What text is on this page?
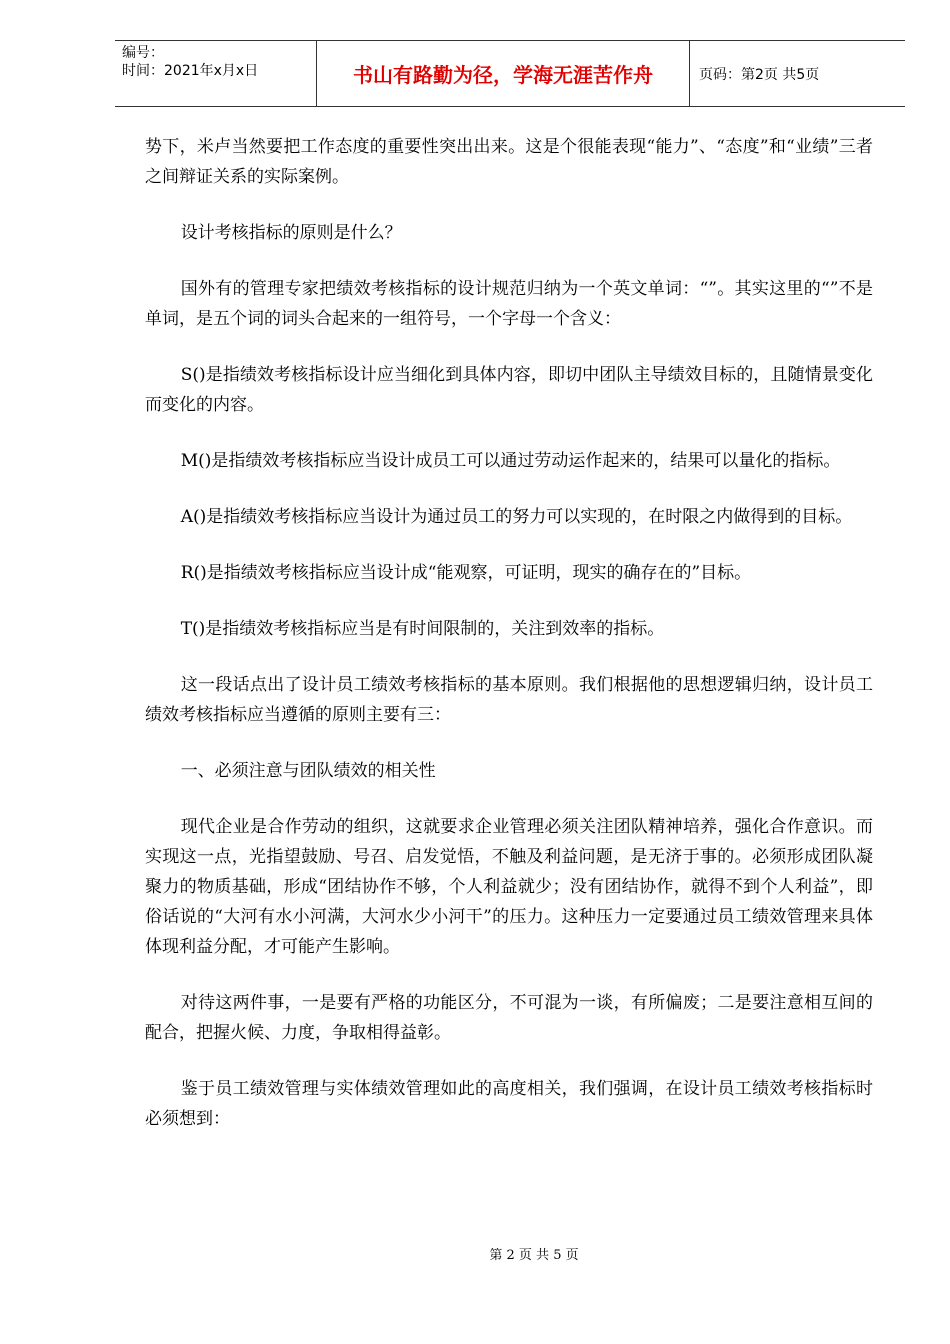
编号：
时间：2021年x月x日	书山有路勤为径，学海无涯苦作舟	页码：第2页 共5页

势下，米卢当然要把工作态度的重要性突出出来。这是个很能表现“能力”、“态度”和“业绩”三者之间辩证关系的实际案例。

设计考核指标的原则是什么？

国外有的管理专家把绩效考核指标的设计规范归纳为一个英文单词：“”。其实这里的“”不是单词，是五个词的词头合起来的一组符号，一个字母一个含义：

S()是指绩效考核指标设计应当细化到具体内容，即切中团队主导绩效目标的，且随情景变化而变化的内容。

M()是指绩效考核指标应当设计成员工可以通过劳动运作起来的，结果可以量化的指标。

A()是指绩效考核指标应当设计为通过员工的努力可以实现的，在时限之内做得到的目标。

R()是指绩效考核指标应当设计成“能观察，可证明，现实的确存在的”目标。

T()是指绩效考核指标应当是有时间限制的，关注到效率的指标。

这一段话点出了设计员工绩效考核指标的基本原则。我们根据他的思想逻辑归纳，设计员工绩效考核指标应当遵循的原则主要有三：

一、必须注意与团队绩效的相关性

现代企业是合作劳动的组织，这就要求企业管理必须关注团队精神培养，强化合作意识。而实现这一点，光指望鼓励、号召、启发觉悟，不触及利益问题，是无济于事的。必须形成团队凝聚力的物质基础，形成“团结协作不够，个人利益就少；没有团结协作，就得不到个人利益”，即俗话说的“大河有水小河满，大河水少小河干”的压力。这种压力一定要通过员工绩效管理来具体体现利益分配，才可能产生影响。

对待这两件事，一是要有严格的功能区分，不可混为一谈，有所偏废；二是要注意相互间的配合，把握火候、力度，争取相得益彰。

鉴于员工绩效管理与实体绩效管理如此的高度相关，我们强调，在设计员工绩效考核指标时必须想到：

第 2 页 共 5 页
